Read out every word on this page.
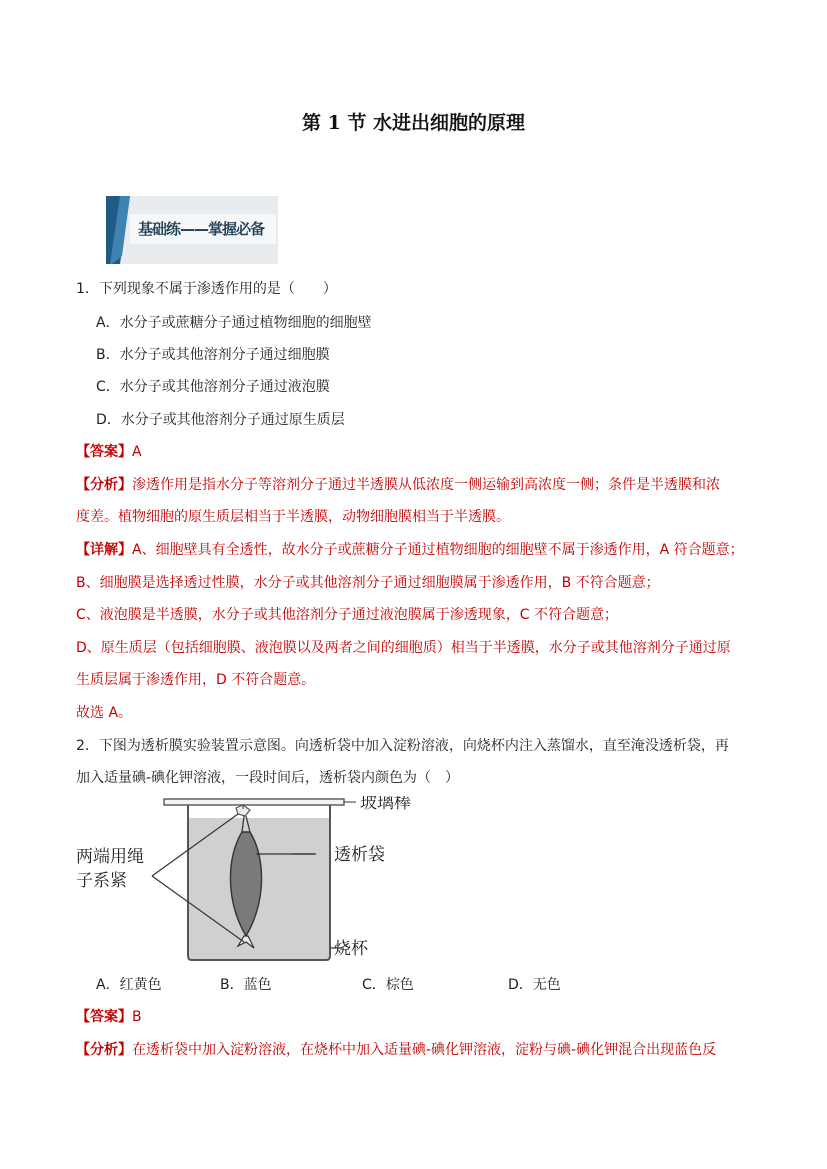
第 1 节 水进出细胞的原理
基础练——掌握必备
1．下列现象不属于渗透作用的是（　　）
A．水分子或蔗糖分子通过植物细胞的细胞壁
B．水分子或其他溶剂分子通过细胞膜
C．水分子或其他溶剂分子通过液泡膜
D．水分子或其他溶剂分子通过原生质层
【答案】A
【分析】渗透作用是指水分子等溶剂分子通过半透膜从低浓度一侧运输到高浓度一侧；条件是半透膜和浓
度差。植物细胞的原生质层相当于半透膜，动物细胞膜相当于半透膜。
【详解】A、细胞壁具有全透性，故水分子或蔗糖分子通过植物细胞的细胞壁不属于渗透作用，A 符合题意；
B、细胞膜是选择透过性膜，水分子或其他溶剂分子通过细胞膜属于渗透作用，B 不符合题意；
C、液泡膜是半透膜，水分子或其他溶剂分子通过液泡膜属于渗透现象，C 不符合题意；
D、原生质层（包括细胞膜、液泡膜以及两者之间的细胞质）相当于半透膜，水分子或其他溶剂分子通过原
生质层属于渗透作用，D 不符合题意。
故选 A。
2．下图为透析膜实验装置示意图。向透析袋中加入淀粉溶液，向烧杯内注入蒸馏水，直至淹没透析袋，再
加入适量碘-碘化钾溶液，一段时间后，透析袋内颜色为（　）
玻璃棒
两端用绳
子系紧
透析袋
烧杯
A．红黄色	B．蓝色	C．棕色	D．无色
【答案】B
【分析】在透析袋中加入淀粉溶液，在烧杯中加入适量碘-碘化钾溶液，淀粉与碘-碘化钾混合出现蓝色反
